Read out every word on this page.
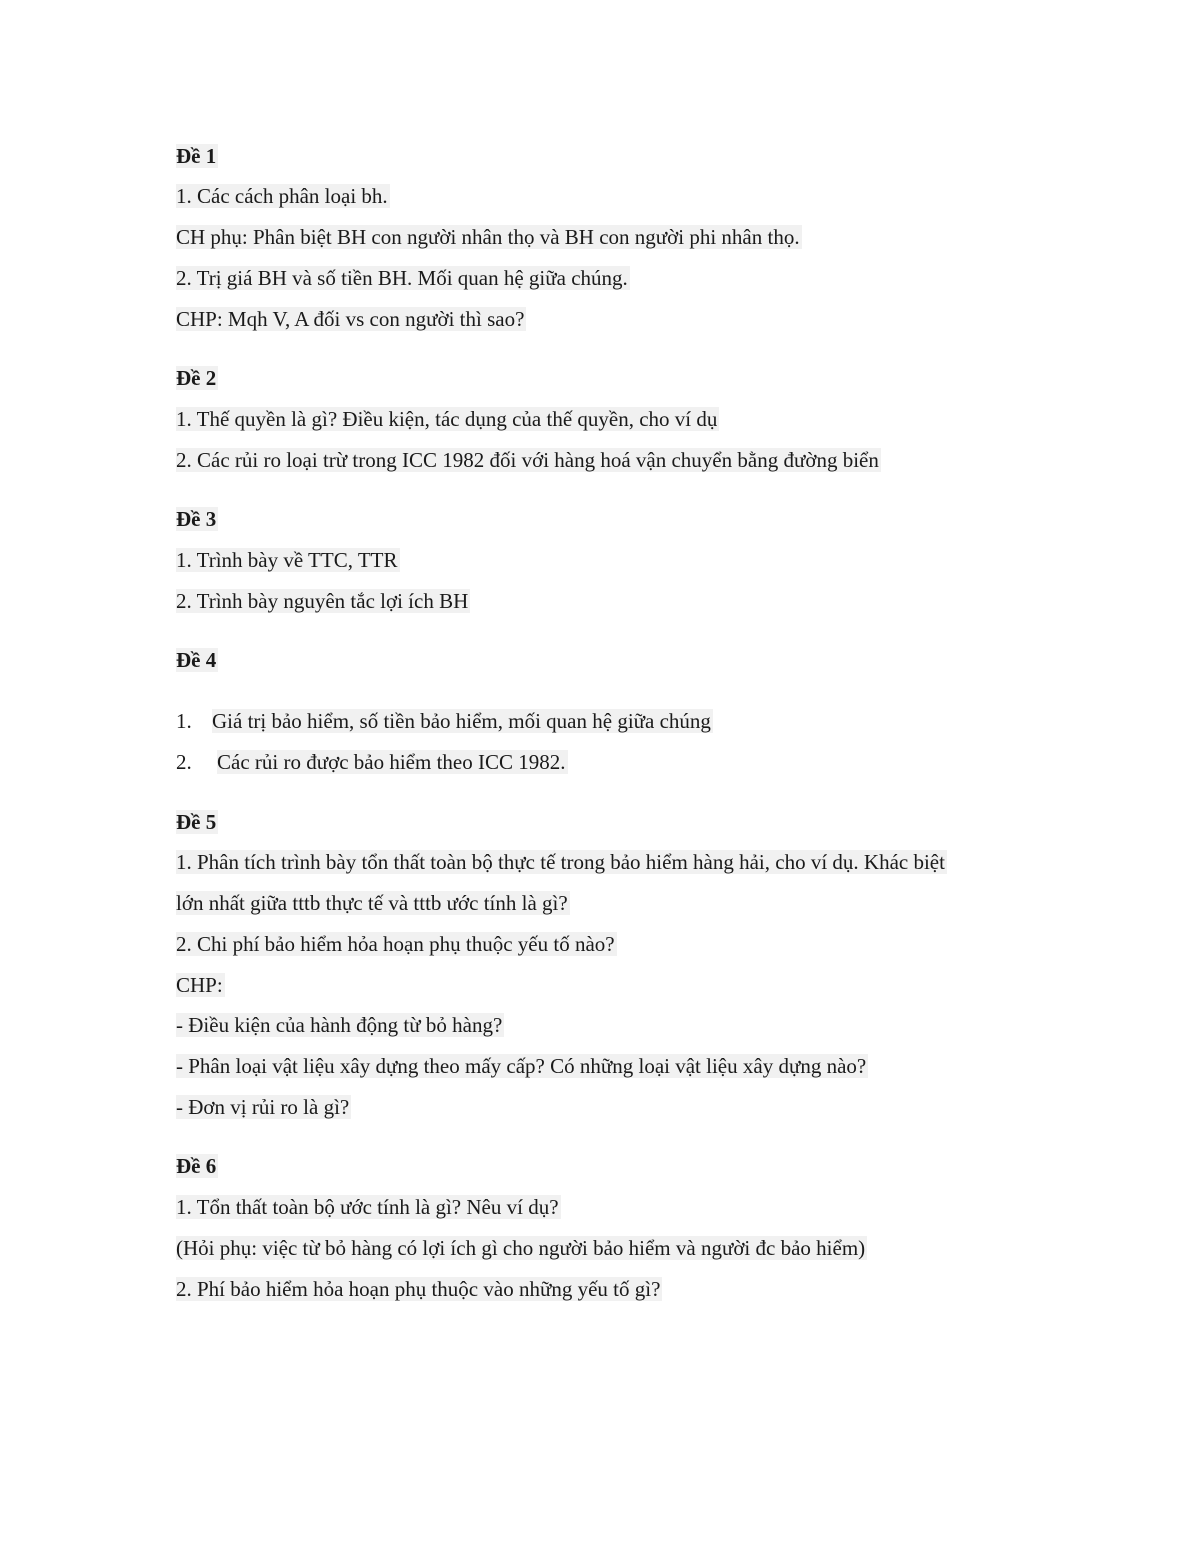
Đề 1
1. Các cách phân loại bh.
CH phụ: Phân biệt BH con người nhân thọ và BH con người phi nhân thọ.
2. Trị giá BH và số tiền BH. Mối quan hệ giữa chúng.
CHP: Mqh V, A đối vs con người thì sao?
Đề 2
1. Thế quyền là gì? Điều kiện, tác dụng của thế quyền, cho ví dụ
2. Các rủi ro loại trừ trong ICC 1982 đối với hàng hoá vận chuyển bằng đường biển
Đề 3
1. Trình bày về TTC, TTR
2. Trình bày nguyên tắc lợi ích BH
Đề 4
1. Giá trị bảo hiểm, số tiền bảo hiểm, mối quan hệ giữa chúng
2. Các rủi ro được bảo hiểm theo ICC 1982.
Đề 5
1. Phân tích trình bày tổn thất toàn bộ thực tế trong bảo hiểm hàng hải, cho ví dụ. Khác biệt
lớn nhất giữa tttb thực tế và tttb ước tính là gì?
2. Chi phí bảo hiểm hỏa hoạn phụ thuộc yếu tố nào?
CHP:
- Điều kiện của hành động từ bỏ hàng?
- Phân loại vật liệu xây dựng theo mấy cấp? Có những loại vật liệu xây dựng nào?
- Đơn vị rủi ro là gì?
Đề 6
1. Tổn thất toàn bộ ước tính là gì? Nêu ví dụ?
(Hỏi phụ: việc từ bỏ hàng có lợi ích gì cho người bảo hiểm và người đc bảo hiểm)
2. Phí bảo hiểm hỏa hoạn phụ thuộc vào những yếu tố gì?
